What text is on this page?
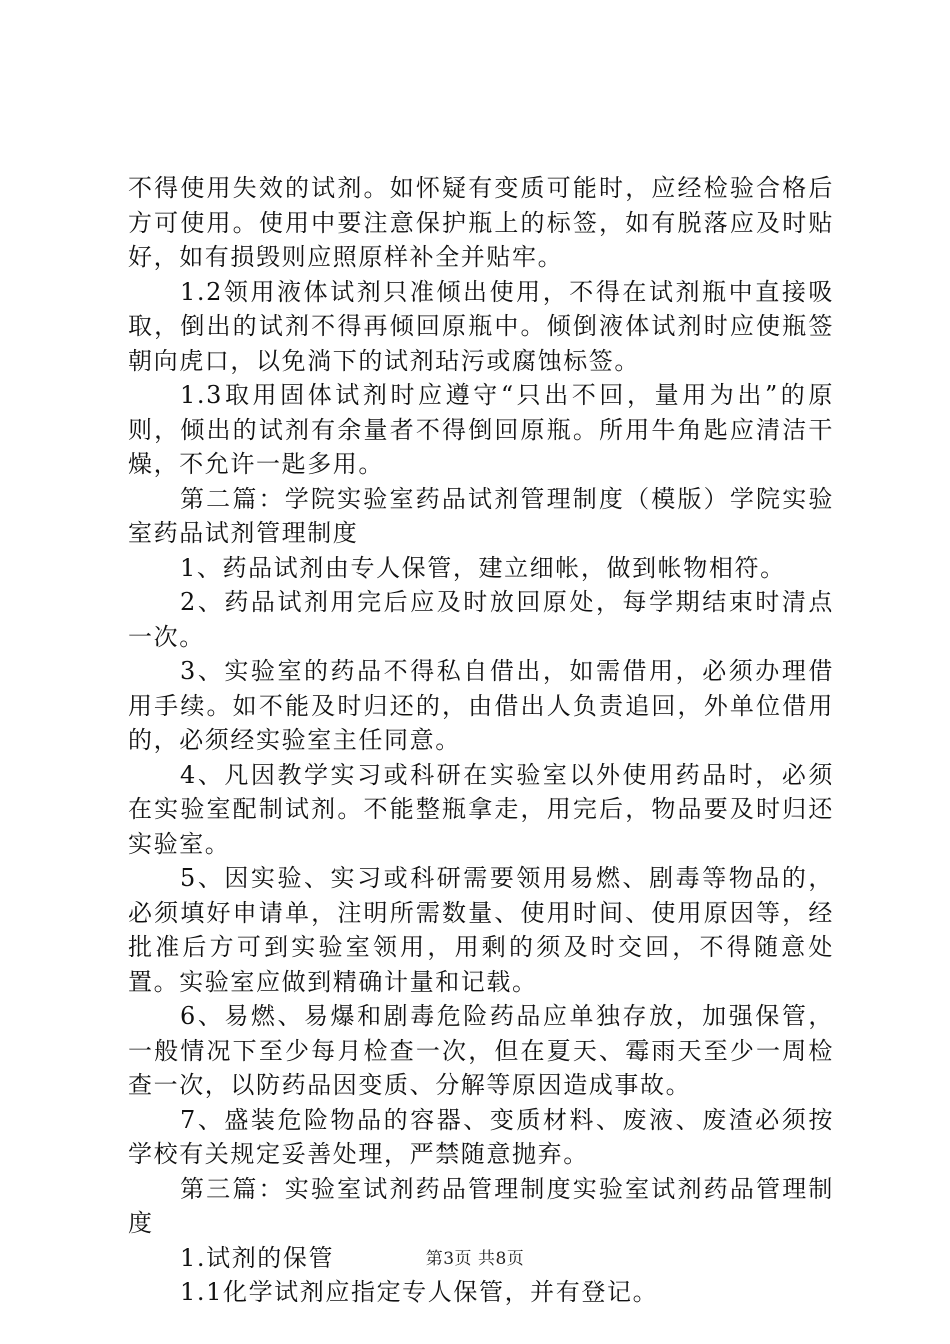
不得使用失效的试剂。如怀疑有变质可能时，应经检验合格后方可使用。使用中要注意保护瓶上的标签，如有脱落应及时贴好，如有损毁则应照原样补全并贴牢。

1.2领用液体试剂只准倾出使用，不得在试剂瓶中直接吸取，倒出的试剂不得再倾回原瓶中。倾倒液体试剂时应使瓶签朝向虎口，以免淌下的试剂玷污或腐蚀标签。

1.3取用固体试剂时应遵守“只出不回，量用为出”的原则，倾出的试剂有余量者不得倒回原瓶。所用牛角匙应清洁干燥，不允许一匙多用。

第二篇：学院实验室药品试剂管理制度（模版）学院实验室药品试剂管理制度

1、药品试剂由专人保管，建立细帐，做到帐物相符。

2、药品试剂用完后应及时放回原处，每学期结束时清点一次。

3、实验室的药品不得私自借出，如需借用，必须办理借用手续。如不能及时归还的，由借出人负责追回，外单位借用的，必须经实验室主任同意。

4、凡因教学实习或科研在实验室以外使用药品时，必须在实验室配制试剂。不能整瓶拿走，用完后，物品要及时归还实验室。

5、因实验、实习或科研需要领用易燃、剧毒等物品的，必须填好申请单，注明所需数量、使用时间、使用原因等，经批准后方可到实验室领用，用剩的须及时交回，不得随意处置。实验室应做到精确计量和记载。

6、易燃、易爆和剧毒危险药品应单独存放，加强保管，一般情况下至少每月检查一次，但在夏天、霉雨天至少一周检查一次，以防药品因变质、分解等原因造成事故。

7、盛装危险物品的容器、变质材料、废液、废渣必须按学校有关规定妥善处理，严禁随意抛弃。

第三篇：实验室试剂药品管理制度实验室试剂药品管理制度

1.试剂的保管

1.1化学试剂应指定专人保管，并有登记。

第3页 共8页
